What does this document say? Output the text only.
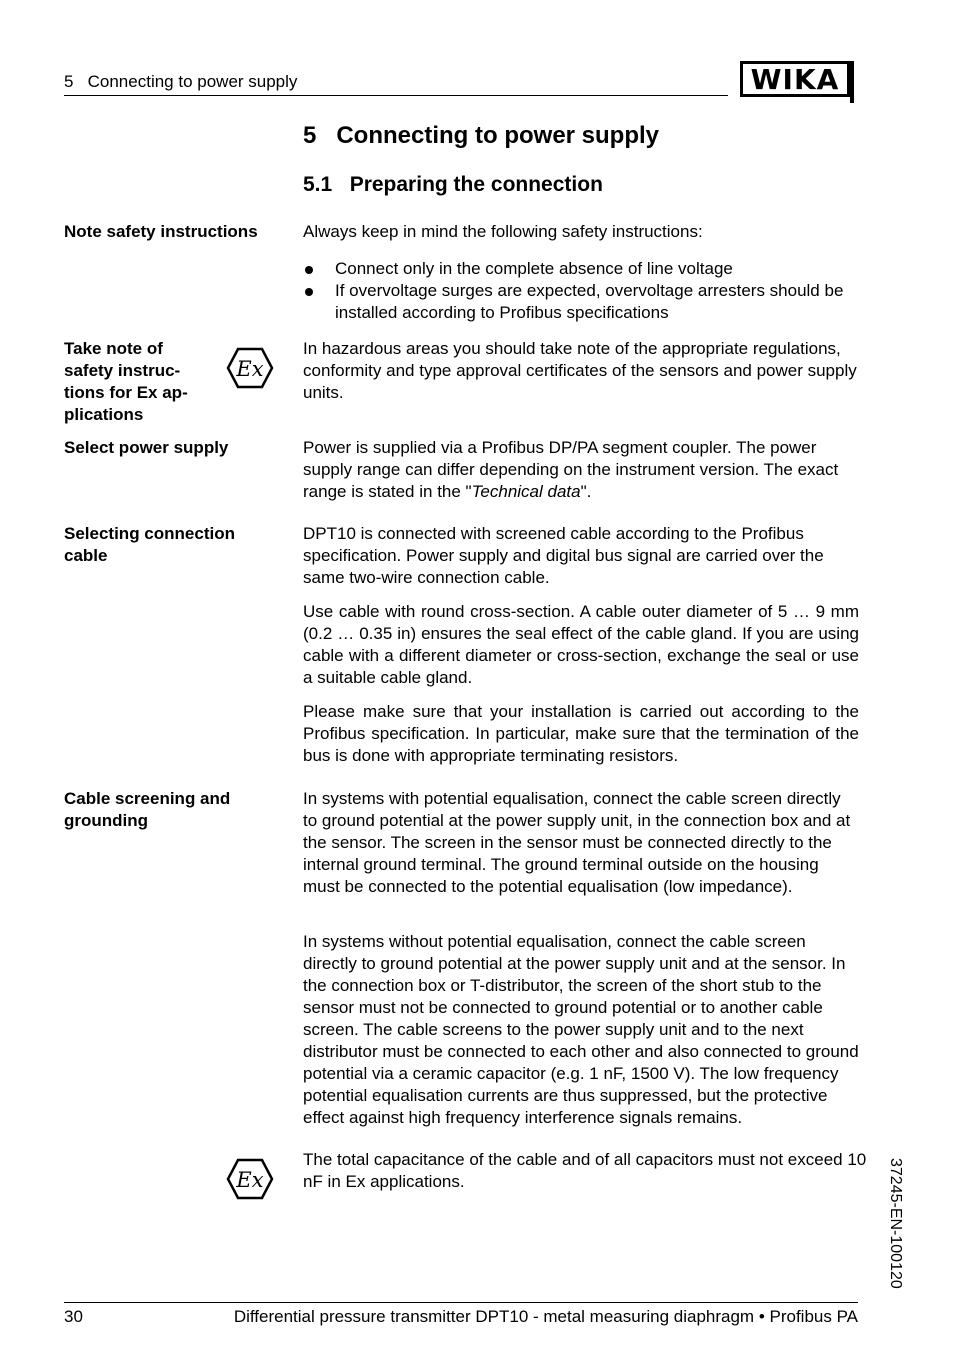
5   Connecting to power supply	WIKA
5   Connecting to power supply
5.1   Preparing the connection
Note safety instructions	Always keep in mind the following safety instructions:
Connect only in the complete absence of line voltage
If overvoltage surges are expected, overvoltage arresters should be installed according to Profibus specifications
Take note of safety instruc-tions for Ex ap-plications
Ex
In hazardous areas you should take note of the appropriate regulations, conformity and type approval certificates of the sensors and power supply units.
Select power supply	Power is supplied via a Profibus DP/PA segment coupler. The power supply range can differ depending on the instrument version. The exact range is stated in the "Technical data".
Selecting connection cable
DPT10 is connected with screened cable according to the Profibus specification. Power supply and digital bus signal are carried over the same two-wire connection cable.
Use cable with round cross-section. A cable outer diameter of 5 … 9 mm (0.2 … 0.35 in) ensures the seal effect of the cable gland. If you are using cable with a different diameter or cross-section, exchange the seal or use a suitable cable gland.
Please make sure that your installation is carried out according to the Profibus specification. In particular, make sure that the termination of the bus is done with appropriate terminating resistors.
Cable screening and grounding
In systems with potential equalisation, connect the cable screen directly to ground potential at the power supply unit, in the connection box and at the sensor. The screen in the sensor must be connected directly to the internal ground terminal. The ground terminal outside on the housing must be connected to the potential equalisation (low impedance).
In systems without potential equalisation, connect the cable screen directly to ground potential at the power supply unit and at the sensor. In the connection box or T-distributor, the screen of the short stub to the sensor must not be connected to ground potential or to another cable screen. The cable screens to the power supply unit and to the next distributor must be connected to each other and also connected to ground potential via a ceramic capacitor (e.g. 1 nF, 1500 V). The low frequency potential equalisation currents are thus suppressed, but the protective effect against high frequency interference signals remains.
Ex
The total capacitance of the cable and of all capacitors must not exceed 10 nF in Ex applications.	37245-EN-100120
30	Differential pressure transmitter DPT10 - metal measuring diaphragm • Profibus PA
